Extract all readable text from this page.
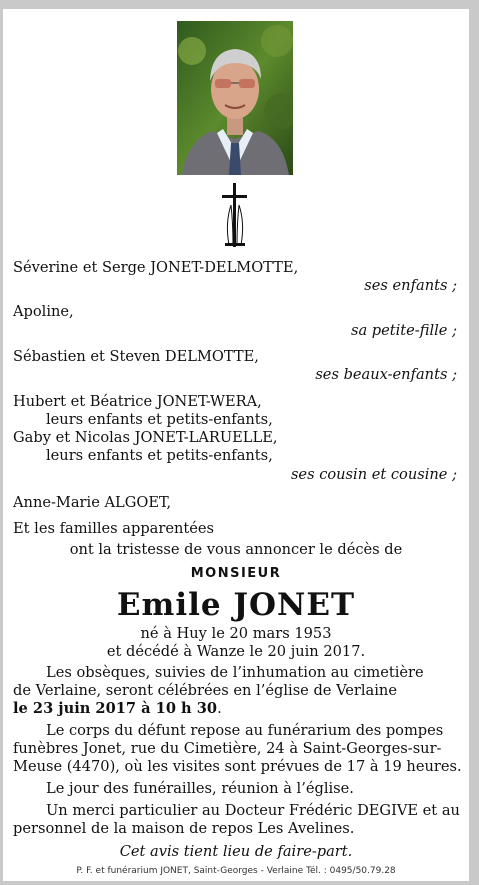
Séverine et Serge JONET-DELMOTTE,
ses enfants ;
Apoline,
sa petite-fille ;
Sébastien et Steven DELMOTTE,
ses beaux-enfants ;
Hubert et Béatrice JONET-WERA,
leurs enfants et petits-enfants,
Gaby et Nicolas JONET-LARUELLE,
leurs enfants et petits-enfants,
ses cousin et cousine ;
Anne-Marie ALGOET,
Et les familles apparentées
ont la tristesse de vous annoncer le décès de
MONSIEUR
Emile JONET
né à Huy le 20 mars 1953
et décédé à Wanze le 20 juin 2017.
Les obsèques, suivies de l’inhumation au cimetière
de Verlaine, seront célébrées en l’église de Verlaine
le 23 juin 2017 à 10 h 30.
Le corps du défunt repose au funérarium des pompes
funèbres Jonet, rue du Cimetière, 24 à Saint-Georges-sur-
Meuse (4470), où les visites sont prévues de 17 à 19 heures.
Le jour des funérailles, réunion à l’église.
Un merci particulier au Docteur Frédéric DEGIVE et au
personnel de la maison de repos Les Avelines.
Cet avis tient lieu de faire-part.
P. F. et funérarium JONET, Saint-Georges - Verlaine Tél. : 0495/50.79.28
